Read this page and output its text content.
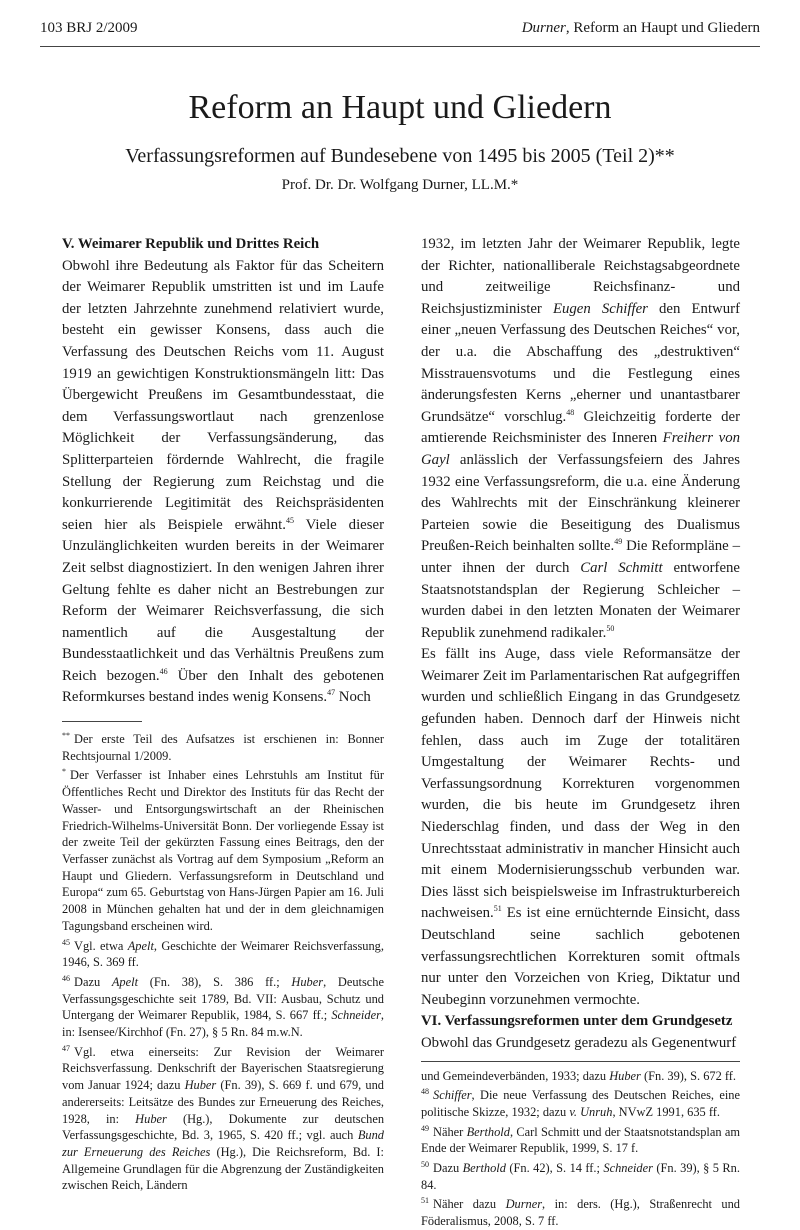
103 BRJ 2/2009	Durner, Reform an Haupt und Gliedern
Reform an Haupt und Gliedern
Verfassungsreformen auf Bundesebene von 1495 bis 2005 (Teil 2)**
Prof. Dr. Dr. Wolfgang Durner, LL.M.*
V. Weimarer Republik und Drittes Reich

Obwohl ihre Bedeutung als Faktor für das Scheitern der Weimarer Republik umstritten ist und im Laufe der letzten Jahrzehnte zunehmend relativiert wurde, besteht ein gewisser Konsens, dass auch die Verfassung des Deutschen Reichs vom 11. August 1919 an gewichtigen Konstruktionsmängeln litt: Das Übergewicht Preußens im Gesamtbundesstaat, die dem Verfassungswortlaut nach grenzenlose Möglichkeit der Verfassungsänderung, das Splitterparteien fördernde Wahlrecht, die fragile Stellung der Regierung zum Reichstag und die konkurrierende Legitimität des Reichspräsidenten seien hier als Beispiele erwähnt.$^{45}$ Viele dieser Unzulänglichkeiten wurden bereits in der Weimarer Zeit selbst diagnostiziert. In den wenigen Jahren ihrer Geltung fehlte es daher nicht an Bestrebungen zur Reform der Weimarer Reichsverfassung, die sich namentlich auf die Ausgestaltung der Bundesstaatlichkeit und das Verhältnis Preußens zum Reich bezogen.$^{46}$ Über den Inhalt des gebotenen Reformkurses bestand indes wenig Konsens.$^{47}$ Noch

** Der erste Teil des Aufsatzes ist erschienen in: Bonner Rechtsjournal 1/2009.

* Der Verfasser ist Inhaber eines Lehrstuhls am Institut für Öffentliches Recht und Direktor des Instituts für das Recht der Wasser- und Entsorgungswirtschaft an der Rheinischen Friedrich-Wilhelms-Universität Bonn. Der vorliegende Essay ist der zweite Teil der gekürzten Fassung eines Beitrags, den der Verfasser zunächst als Vortrag auf dem Symposium „Reform an Haupt und Gliedern. Verfassungsreform in Deutschland und Europa“ zum 65. Geburtstag von Hans-Jürgen Papier am 16. Juli 2008 in München gehalten hat und der in dem gleichnamigen Tagungsband erscheinen wird.

$^{45}$ Vgl. etwa Apelt, Geschichte der Weimarer Reichsverfassung, 1946, S. 369 ff.

$^{46}$ Dazu Apelt (Fn. 38), S. 386 ff.; Huber, Deutsche Verfassungsgeschichte seit 1789, Bd. VII: Ausbau, Schutz und Untergang der Weimarer Republik, 1984, S. 667 ff.; Schneider, in: Isensee/Kirchhof (Fn. 27), § 5 Rn. 84 m.w.N.

$^{47}$ Vgl. etwa einerseits: Zur Revision der Weimarer Reichsverfassung. Denkschrift der Bayerischen Staatsregierung vom Januar 1924; dazu Huber (Fn. 39), S. 669 f. und 679, und andererseits: Leitsätze des Bundes zur Erneuerung des Reiches, 1928, in: Huber (Hg.), Dokumente zur deutschen Verfassungsgeschichte, Bd. 3, 1965, S. 420 ff.; vgl. auch Bund zur Erneuerung des Reiches (Hg.), Die Reichsreform, Bd. I: Allgemeine Grundlagen für die Abgrenzung der Zuständigkeiten zwischen Reich, Ländern

1932, im letzten Jahr der Weimarer Republik, legte der Richter, nationalliberale Reichstagsabgeordnete und zeitweilige Reichsfinanz- und Reichsjustizminister Eugen Schiffer den Entwurf einer „neuen Verfassung des Deutschen Reiches“ vor, der u.a. die Abschaffung des „destruktiven“ Misstrauensvotums und die Festlegung eines änderungsfesten Kerns „eherner und unantastbarer Grundsätze“ vorschlug.$^{48}$ Gleichzeitig forderte der amtierende Reichsminister des Inneren Freiherr von Gayl anlässlich der Verfassungsfeiern des Jahres 1932 eine Verfassungsreform, die u.a. eine Änderung des Wahlrechts mit der Einschränkung kleinerer Parteien sowie die Beseitigung des Dualismus Preußen-Reich beinhalten sollte.$^{49}$ Die Reformpläne – unter ihnen der durch Carl Schmitt entworfene Staatsnotstandsplan der Regierung Schleicher – wurden dabei in den letzten Monaten der Weimarer Republik zunehmend radikaler.$^{50}$

Es fällt ins Auge, dass viele Reformansätze der Weimarer Zeit im Parlamentarischen Rat aufgegriffen wurden und schließlich Eingang in das Grundgesetz gefunden haben. Dennoch darf der Hinweis nicht fehlen, dass auch im Zuge der totalitären Umgestaltung der Weimarer Rechts- und Verfassungsordnung Korrekturen vorgenommen wurden, die bis heute im Grundgesetz ihren Niederschlag finden, und dass der Weg in den Unrechtsstaat administrativ in mancher Hinsicht auch mit einem Modernisierungsschub verbunden war. Dies lässt sich beispielsweise im Infrastrukturbereich nachweisen.$^{51}$ Es ist eine ernüchternde Einsicht, dass Deutschland seine sachlich gebotenen verfassungsrechtlichen Korrekturen somit oftmals nur unter den Vorzeichen von Krieg, Diktatur und Neubeginn vorzunehmen vermochte.

VI. Verfassungsreformen unter dem Grundgesetz

Obwohl das Grundgesetz geradezu als Gegenentwurf

und Gemeindeverbänden, 1933; dazu Huber (Fn. 39), S. 672 ff.

$^{48}$ Schiffer, Die neue Verfassung des Deutschen Reiches, eine politische Skizze, 1932; dazu v. Unruh, NVwZ 1991, 635 ff.

$^{49}$ Näher Berthold, Carl Schmitt und der Staatsnotstandsplan am Ende der Weimarer Republik, 1999, S. 17 f.

$^{50}$ Dazu Berthold (Fn. 42), S. 14 ff.; Schneider (Fn. 39), § 5 Rn. 84.

$^{51}$ Näher dazu Durner, in: ders. (Hg.), Straßenrecht und Föderalismus, 2008, S. 7 ff.
